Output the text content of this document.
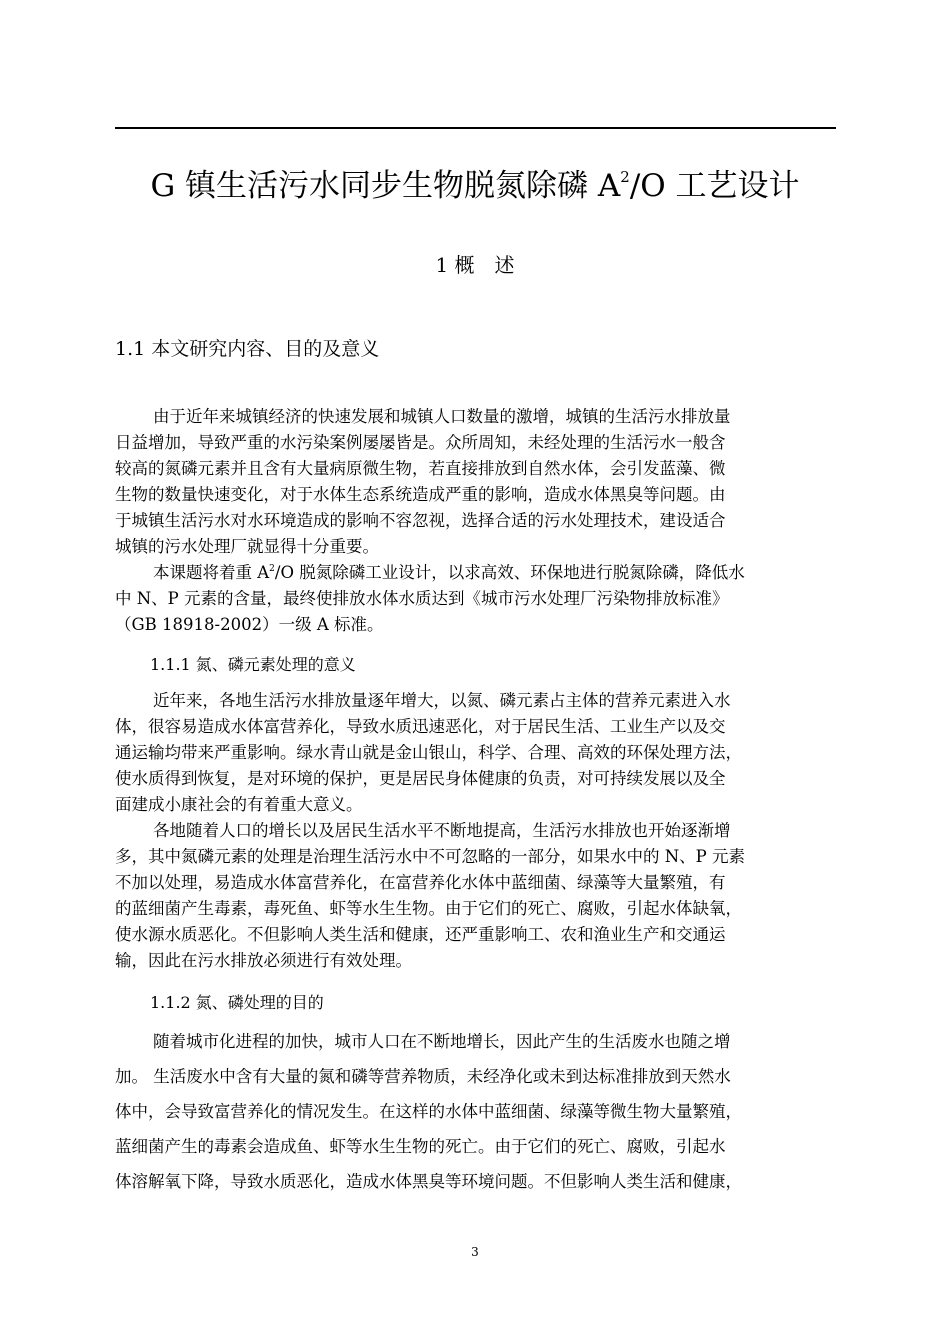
G 镇生活污水同步生物脱氮除磷 $A^2/O$ 工艺设计
1 概　述
1.1 本文研究内容、目的及意义
由于近年来城镇经济的快速发展和城镇人口数量的激增，城镇的生活污水排放量
日益增加，导致严重的水污染案例屡屡皆是。众所周知，未经处理的生活污水一般含
较高的氮磷元素并且含有大量病原微生物，若直接排放到自然水体，会引发蓝藻、微
生物的数量快速变化，对于水体生态系统造成严重的影响，造成水体黑臭等问题。由
于城镇生活污水对水环境造成的影响不容忽视，选择合适的污水处理技术，建设适合
城镇的污水处理厂就显得十分重要。
本课题将着重 $A^2/O$ 脱氮除磷工业设计，以求高效、环保地进行脱氮除磷，降低水
中 N、P 元素的含量，最终使排放水体水质达到《城市污水处理厂污染物排放标准》
（GB 18918-2002）一级 A 标准。
1.1.1 氮、磷元素处理的意义
近年来，各地生活污水排放量逐年增大，以氮、磷元素占主体的营养元素进入水
体，很容易造成水体富营养化，导致水质迅速恶化，对于居民生活、工业生产以及交
通运输均带来严重影响。绿水青山就是金山银山，科学、合理、高效的环保处理方法，
使水质得到恢复，是对环境的保护，更是居民身体健康的负责，对可持续发展以及全
面建成小康社会的有着重大意义。
各地随着人口的增长以及居民生活水平不断地提高，生活污水排放也开始逐渐增
多，其中氮磷元素的处理是治理生活污水中不可忽略的一部分，如果水中的 N、P 元素
不加以处理，易造成水体富营养化，在富营养化水体中蓝细菌、绿藻等大量繁殖，有
的蓝细菌产生毒素，毒死鱼、虾等水生生物。由于它们的死亡、腐败，引起水体缺氧，
使水源水质恶化。不但影响人类生活和健康，还严重影响工、农和渔业生产和交通运
输，因此在污水排放必须进行有效处理。
1.1.2 氮、磷处理的目的
随着城市化进程的加快，城市人口在不断地增长，因此产生的生活废水也随之增
加。 生活废水中含有大量的氮和磷等营养物质，未经净化或未到达标准排放到天然水
体中，会导致富营养化的情况发生。在这样的水体中蓝细菌、绿藻等微生物大量繁殖，
蓝细菌产生的毒素会造成鱼、虾等水生生物的死亡。由于它们的死亡、腐败，引起水
体溶解氧下降，导致水质恶化，造成水体黑臭等环境问题。不但影响人类生活和健康，
3
